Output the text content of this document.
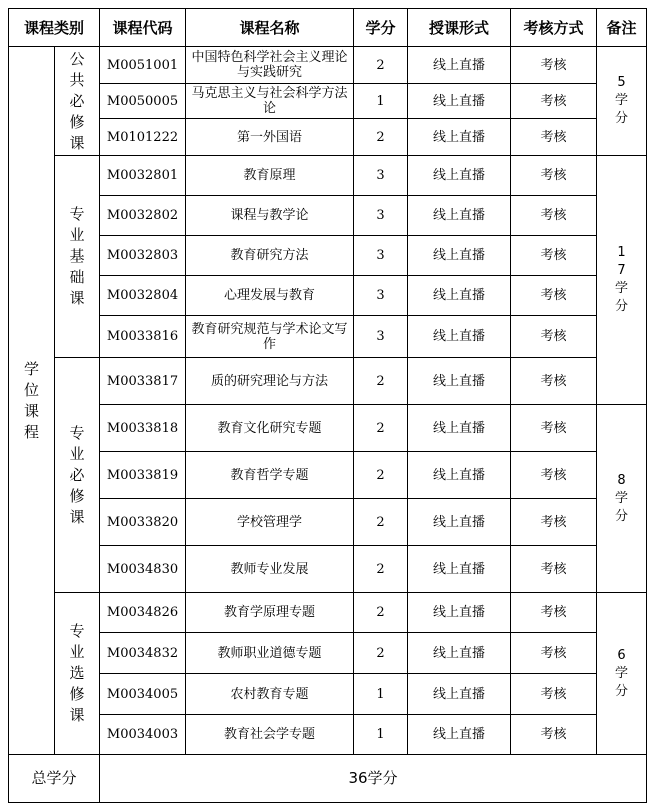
课程类别		课程代码	课程名称	学分	授课形式	考核方式	备注
学位课程	公共必修课	M0051001	中国特色科学社会主义理论与实践研究	2	线上直播	考核	5学分
		M0050005	马克思主义与社会科学方法论	1	线上直播	考核	
		M0101222	第一外国语	2	线上直播	考核	
	专业基础课	M0032801	教育原理	3	线上直播	考核	17学分
		M0032802	课程与教学论	3	线上直播	考核	
		M0032803	教育研究方法	3	线上直播	考核	
		M0032804	心理发展与教育	3	线上直播	考核	
		M0033816	教育研究规范与学术论文写作	3	线上直播	考核	
	专业必修课	M0033817	质的研究理论与方法	2	线上直播	考核	
		M0033818	教育文化研究专题	2	线上直播	考核	8学分
		M0033819	教育哲学专题	2	线上直播	考核	
		M0033820	学校管理学	2	线上直播	考核	
		M0034830	教师专业发展	2	线上直播	考核	
	专业选修课	M0034826	教育学原理专题	2	线上直播	考核	6学分
		M0034832	教师职业道德专题	2	线上直播	考核	
		M0034005	农村教育专题	1	线上直播	考核	
		M0034003	教育社会学专题	1	线上直播	考核	
总学分		36学分					
